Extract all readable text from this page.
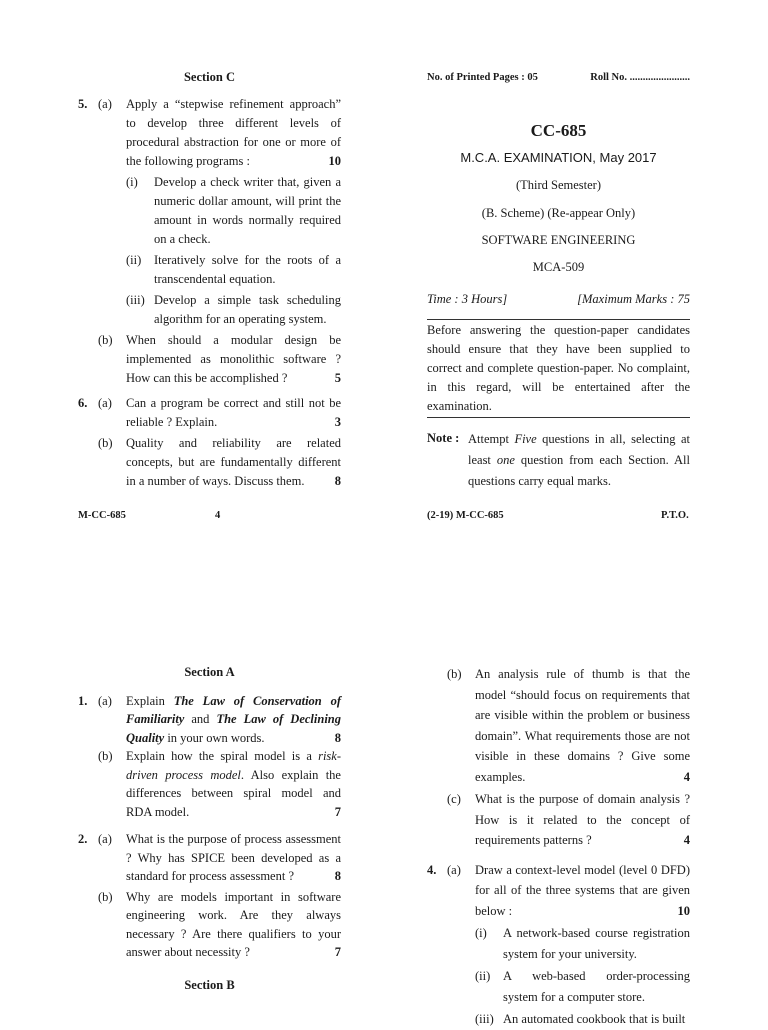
Section C
5. (a) Apply a “stepwise refinement approach” to develop three different levels of procedural abstraction for one or more of the following programs :	10
(i) Develop a check writer that, given a numeric dollar amount, will print the amount in words normally required on a check.
(ii) Iteratively solve for the roots of a transcendental equation.
(iii) Develop a simple task scheduling algorithm for an operating system.
(b) When should a modular design be implemented as monolithic software ? How can this be accomplished ?	5
6. (a) Can a program be correct and still not be reliable ? Explain.	3
(b) Quality and reliability are related concepts, but are fundamentally different in a number of ways. Discuss them. 8
M-CC-685	4
No. of Printed Pages : 05	Roll No. .......................
CC-685
M.C.A. EXAMINATION, May 2017
(Third Semester)
(B. Scheme) (Re-appear Only)
SOFTWARE ENGINEERING
MCA-509
Time : 3 Hours]	[Maximum Marks : 75
Before answering the question-paper candidates should ensure that they have been supplied to correct and complete question-paper. No complaint, in this regard, will be entertained after the examination.
Note : Attempt Five questions in all, selecting at least one question from each Section. All questions carry equal marks.
(2-19) M-CC-685	P.T.O.
Section A
1. (a) Explain The Law of Conservation of Familiarity and The Law of Declining Quality in your own words.	8
(b) Explain how the spiral model is a risk-driven process model. Also explain the differences between spiral model and RDA model.	7
2. (a) What is the purpose of process assessment ? Why has SPICE been developed as a standard for process assessment ?	8
(b) Why are models important in software engineering work. Are they always necessary ? Are there qualifiers to your answer about necessity ?	7
Section B
(b) An analysis rule of thumb is that the model “should focus on requirements that are visible within the problem or business domain”. What requirements those are not visible in these domains ? Give some examples.	4
(c) What is the purpose of domain analysis ? How is it related to the concept of requirements patterns ?	4
4. (a) Draw a context-level model (level 0 DFD) for all of the three systems that are given below :	10
(i) A network-based course registration system for your university.
(ii) A web-based order-processing system for a computer store.
(iii) An automated cookbook that is built
